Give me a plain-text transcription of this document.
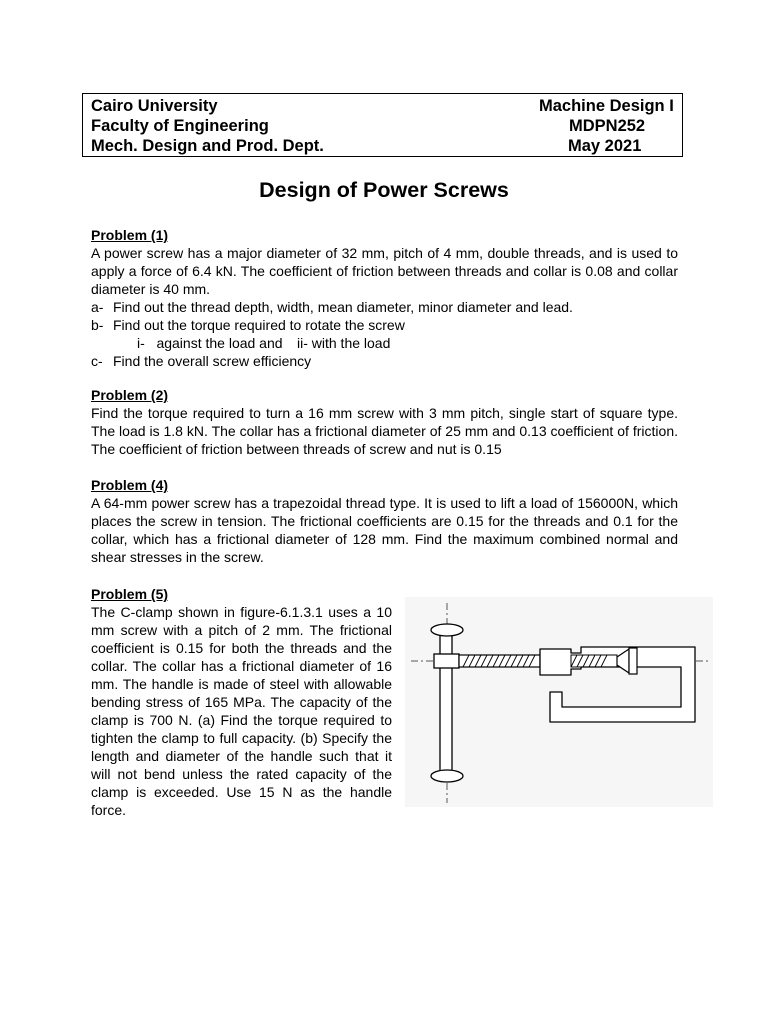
Cairo University	Machine Design I
Faculty of Engineering	MDPN252
Mech. Design and Prod. Dept.	May 2021
Design of Power Screws
Problem (1)
A power screw has a major diameter of 32 mm, pitch of 4 mm, double threads, and is used to apply a force of 6.4 kN. The coefficient of friction between threads and collar is 0.08 and collar diameter is 40 mm.
a- Find out the thread depth, width, mean diameter, minor diameter and lead.
b- Find out the torque required to rotate the screw
i-   against the load and ii- with the load
c- Find the overall screw efficiency
Problem (2)
Find the torque required to turn a 16 mm screw with 3 mm pitch, single start of square type. The load is 1.8 kN. The collar has a frictional diameter of 25 mm and 0.13 coefficient of friction. The coefficient of friction between threads of screw and nut is 0.15
Problem (4)
A 64-mm power screw has a trapezoidal thread type. It is used to lift a load of 156000N, which places the screw in tension. The frictional coefficients are 0.15 for the threads and 0.1 for the collar, which has a frictional diameter of 128 mm. Find the maximum combined normal and shear stresses in the screw.
Problem (5)
The C-clamp shown in figure-6.1.3.1 uses a 10 mm screw with a pitch of 2 mm. The frictional coefficient is 0.15 for both the threads and the collar. The collar has a frictional diameter of 16 mm. The handle is made of steel with allowable bending stress of 165 MPa. The capacity of the clamp is 700 N. (a) Find the torque required to tighten the clamp to full capacity. (b) Specify the length and diameter of the handle such that it will not bend unless the rated capacity of the clamp is exceeded. Use 15 N as the handle force.
